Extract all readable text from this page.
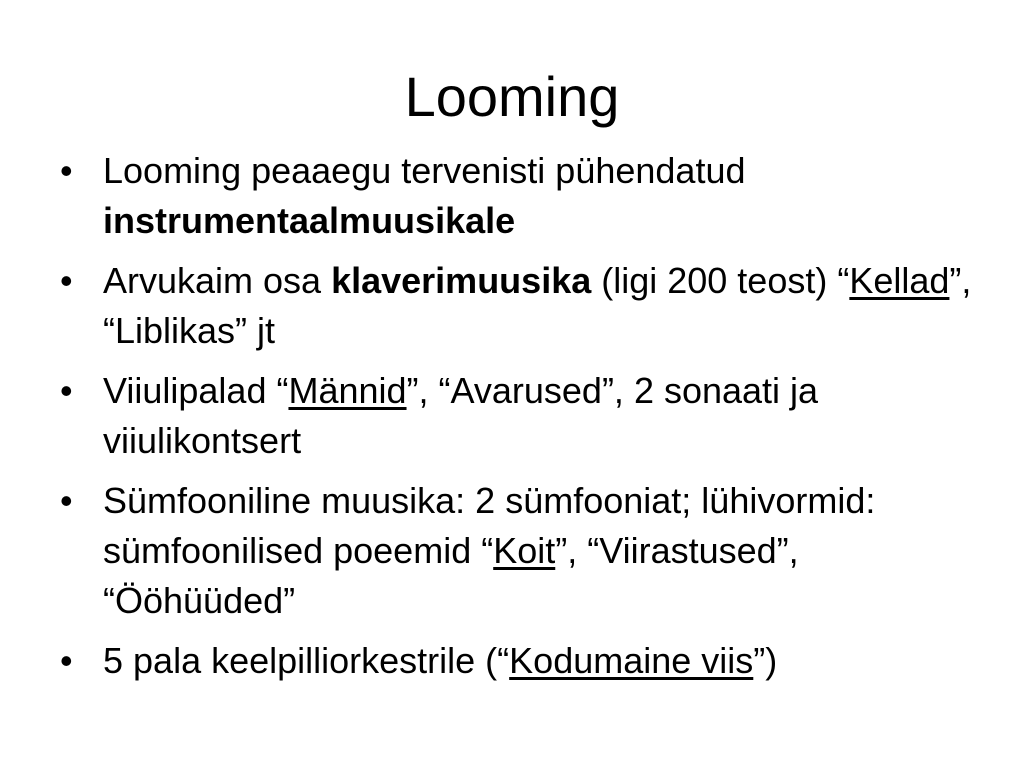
Looming
• Looming peaaegu tervenisti pühendatud instrumentaalmuusikale
• Arvukaim osa klaverimuusika (ligi 200 teost) “Kellad”, “Liblikas” jt
• Viiulipalad “Männid”, “Avarused”, 2 sonaati ja viiulikontsert
• Sümfooniline muusika: 2 sümfooniat; lühivormid: sümfoonilised poeemid “Koit”, “Viirastused”, “Ööhüüded”
• 5 pala keelpilliorkestrile (“Kodumaine viis”)
